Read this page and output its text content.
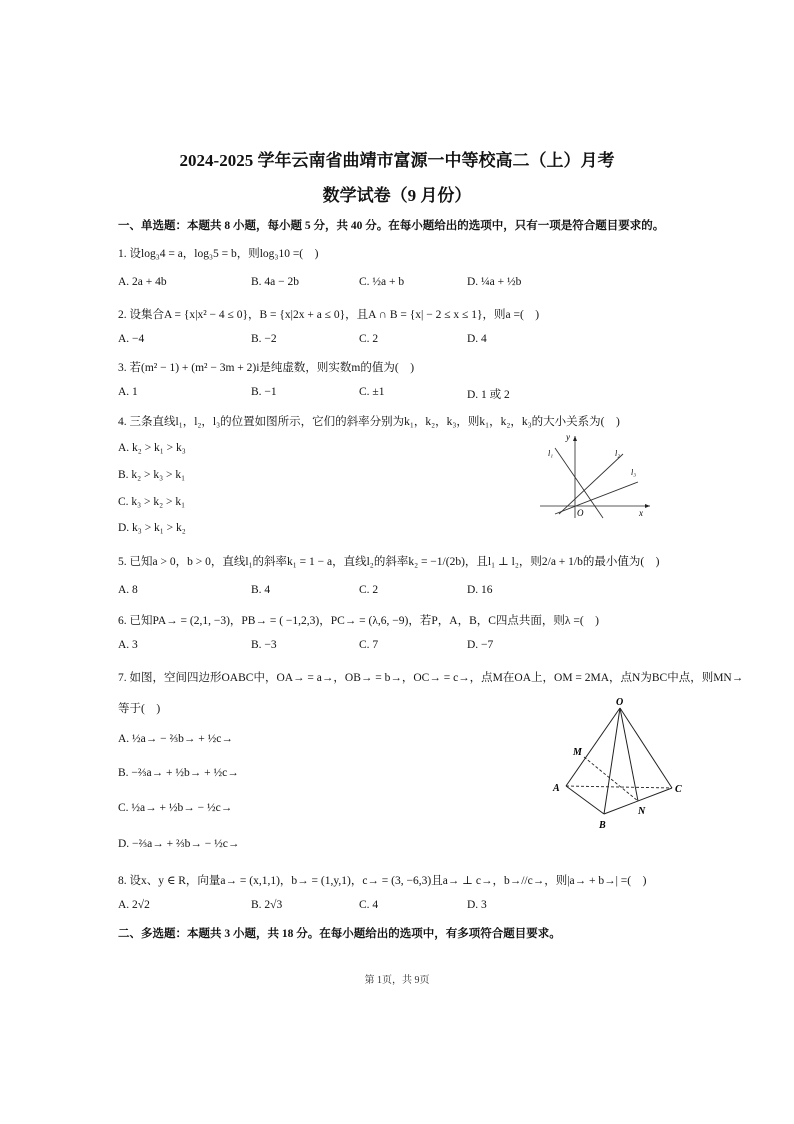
2024-2025 学年云南省曲靖市富源一中等校高二（上）月考
数学试卷（9 月份）
一、单选题：本题共 8 小题，每小题 5 分，共 40 分。在每小题给出的选项中，只有一项是符合题目要求的。
1. 设log₃4 = a，log₃5 = b，则log₃10 =(　)
A. 2a + 4b	B. 4a − 2b	C. ½a + b	D. ¼a + ½b
2. 设集合A = {x|x² − 4 ≤ 0}，B = {x|2x + a ≤ 0}，且A ∩ B = {x| − 2 ≤ x ≤ 1}，则a =(　)
A. −4	B. −2	C. 2	D. 4
3. 若(m² − 1) + (m² − 3m + 2)i是纯虚数，则实数m的值为(　)
A. 1	B. −1	C. ±1	D. 1 或 2
4. 三条直线l₁，l₂，l₃的位置如图所示，它们的斜率分别为k₁，k₂，k₃，则k₁，k₂，k₃的大小关系为(　)
A. k₂ > k₁ > k₃
B. k₂ > k₃ > k₁
C. k₃ > k₂ > k₁
D. k₃ > k₁ > k₂
y
x
O
l₁	l₂
l₃
5. 已知a > 0，b > 0，直线l₁的斜率k₁ = 1 − a，直线l₂的斜率k₂ = −1/(2b)，且l₁ ⊥ l₂，则2/a + 1/b的最小值为(　)
A. 8	B. 4	C. 2	D. 16
6. 已知PA→ = (2,1, −3)，PB→ = ( −1,2,3)，PC→ = (λ,6, −9)，若P，A，B，C四点共面，则λ =(　)
A. 3	B. −3	C. 7	D. −7
7. 如图，空间四边形OABC中，OA→ = a→，OB→ = b→，OC→ = c→，点M在OA上，OM = 2MA，点N为BC中点，则MN→
等于(　)
A. ½a→ − ⅔b→ + ½c→
B. −⅔a→ + ½b→ + ½c→
C. ½a→ + ½b→ − ½c→
D. −⅔a→ + ⅔b→ − ½c→
O
M
A
B
C
N
8. 设x、y ∈ R，向量a→ = (x,1,1)，b→ = (1,y,1)，c→ = (3, −6,3)且a→ ⊥ c→，b→//c→，则|a→ + b→| =(　)
A. 2√2	B. 2√3	C. 4	D. 3
二、多选题：本题共 3 小题，共 18 分。在每小题给出的选项中，有多项符合题目要求。
第 1页，共 9页
